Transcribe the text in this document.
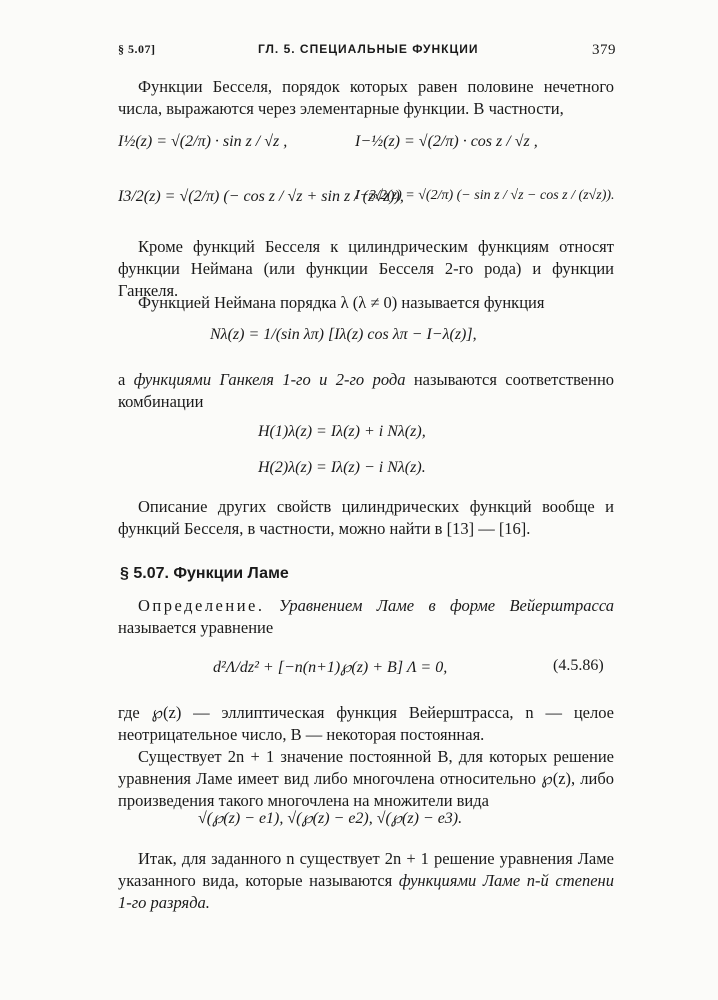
§ 5.07]	ГЛ. 5. СПЕЦИАЛЬНЫЕ ФУНКЦИИ	379
Функции Бесселя, порядок которых равен половине нечетного числа, выражаются через элементарные функции. В частности,
I½(z) = √(2/π) · sin z / √z ,	I−½(z) = √(2/π) · cos z / √z ,
I3/2(z) = √(2/π) (− cos z / √z + sin z / (z√z)),
I−3/2(z) = √(2/π) (− sin z / √z − cos z / (z√z)).
Кроме функций Бесселя к цилиндрическим функциям относят функции Неймана (или функции Бесселя 2-го рода) и функции Ганкеля.
Функцией Неймана порядка λ (λ ≠ 0) называется функция
Nλ(z) = 1/(sin λπ) [Iλ(z) cos λπ − I−λ(z)],
а функциями Ганкеля 1-го и 2-го рода называются соответственно комбинации
H(1)λ(z) = Iλ(z) + i Nλ(z),
H(2)λ(z) = Iλ(z) − i Nλ(z).
Описание других свойств цилиндрических функций вообще и функций Бесселя, в частности, можно найти в [13] — [16].
§ 5.07. Функции Ламе
Определение. Уравнением Ламе в форме Вейерштрасса называется уравнение
d²Λ/dz² + [−n(n+1)℘(z) + B] Λ = 0,	(4.5.86)
где ℘(z) — эллиптическая функция Вейерштрасса, n — целое неотрицательное число, B — некоторая постоянная.
Существует 2n + 1 значение постоянной B, для которых решение уравнения Ламе имеет вид либо многочлена относительно ℘(z), либо произведения такого многочлена на множители вида
√(℘(z) − e1), √(℘(z) − e2), √(℘(z) − e3).
Итак, для заданного n существует 2n + 1 решение уравнения Ламе указанного вида, которые называются функциями Ламе n-й степени 1-го разряда.
